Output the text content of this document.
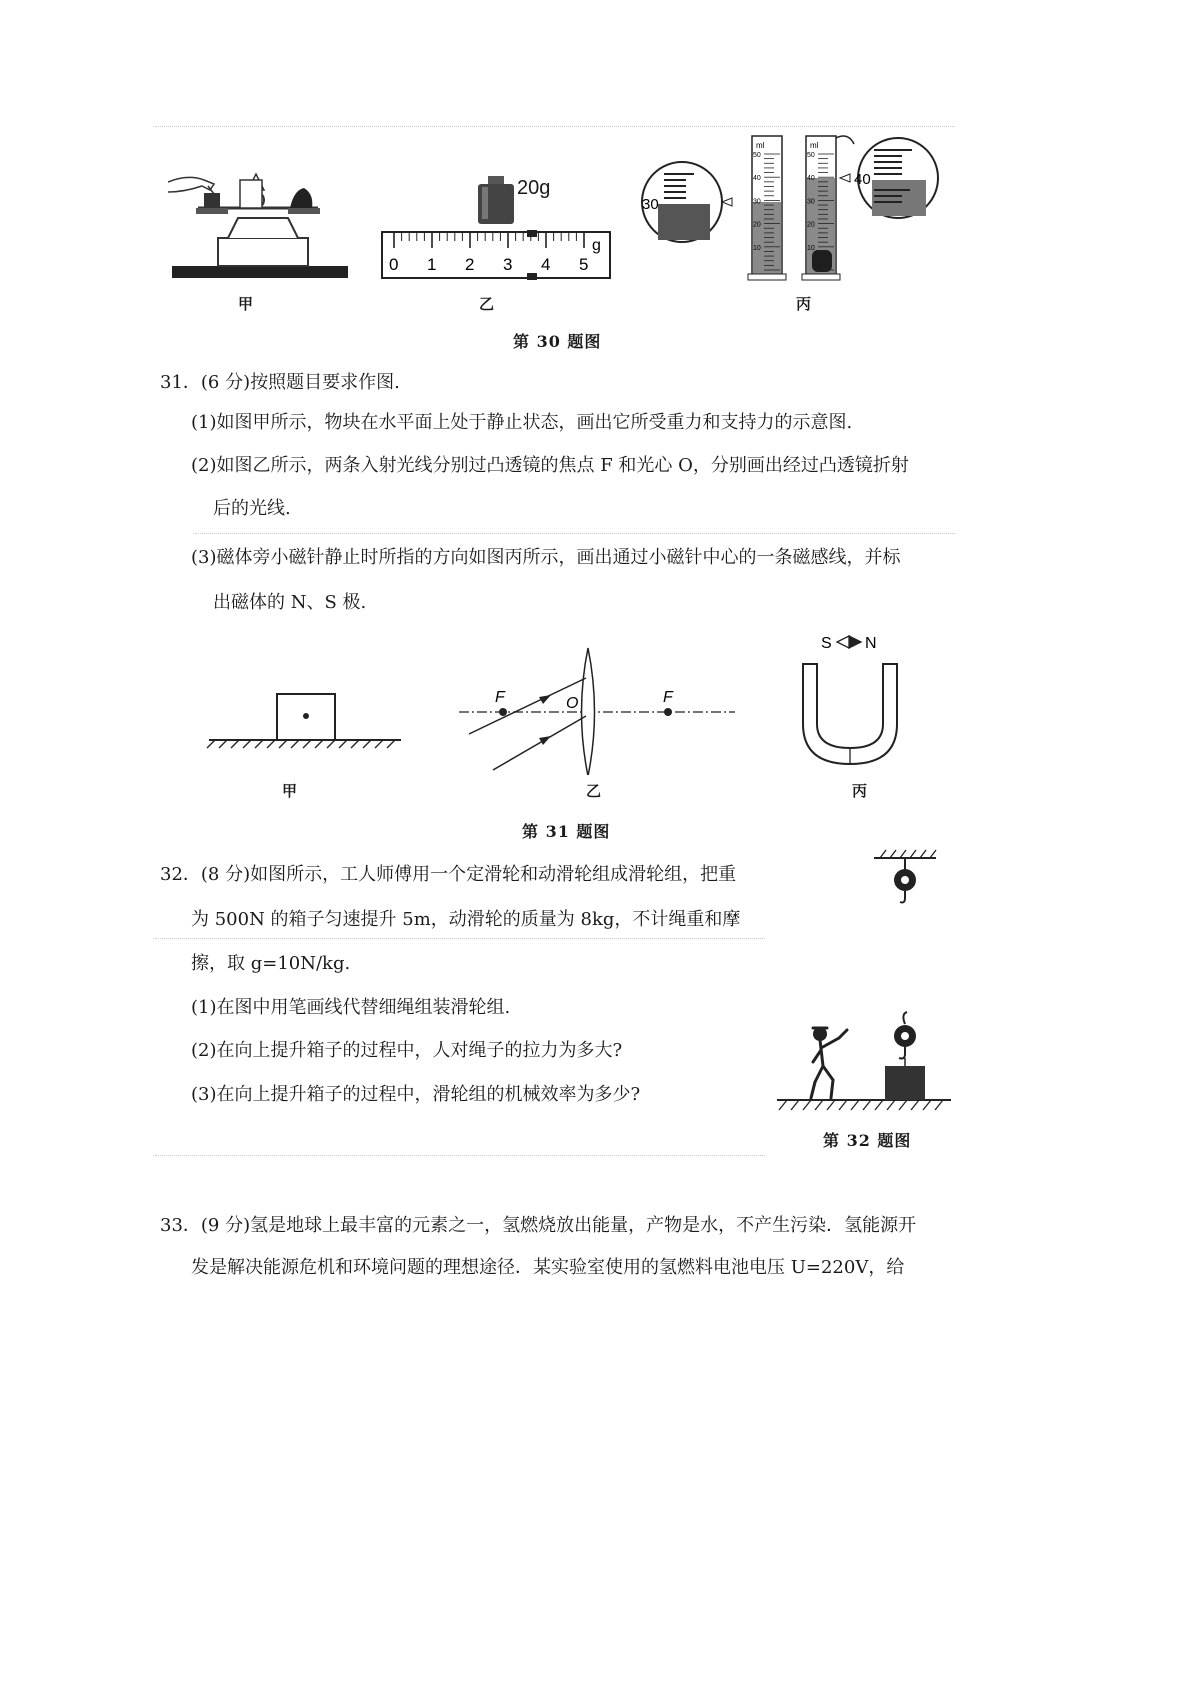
甲
20g
0 1 2 3 4 5
g
乙
30
50
40
30
20
10
ml
50
40
30
20
10
ml
40
丙
第 30 题图
31．(6 分)按照题目要求作图.
(1)如图甲所示，物块在水平面上处于静止状态，画出它所受重力和支持力的示意图.
(2)如图乙所示，两条入射光线分别过凸透镜的焦点 F 和光心 O，分别画出经过凸透镜折射
后的光线.
(3)磁体旁小磁针静止时所指的方向如图丙所示，画出通过小磁针中心的一条磁感线，并标
出磁体的 N、S 极.
甲
F	O	F
乙
S N
丙
第 31 题图
32．(8 分)如图所示，工人师傅用一个定滑轮和动滑轮组成滑轮组，把重
为 500N 的箱子匀速提升 5m，动滑轮的质量为 8kg，不计绳重和摩
擦，取 g=10N/kg.
(1)在图中用笔画线代替细绳组装滑轮组.
(2)在向上提升箱子的过程中，人对绳子的拉力为多大?
(3)在向上提升箱子的过程中，滑轮组的机械效率为多少?
第 32 题图
33．(9 分)氢是地球上最丰富的元素之一，氢燃烧放出能量，产物是水，不产生污染．氢能源开
发是解决能源危机和环境问题的理想途径．某实验室使用的氢燃料电池电压 U=220V，给
